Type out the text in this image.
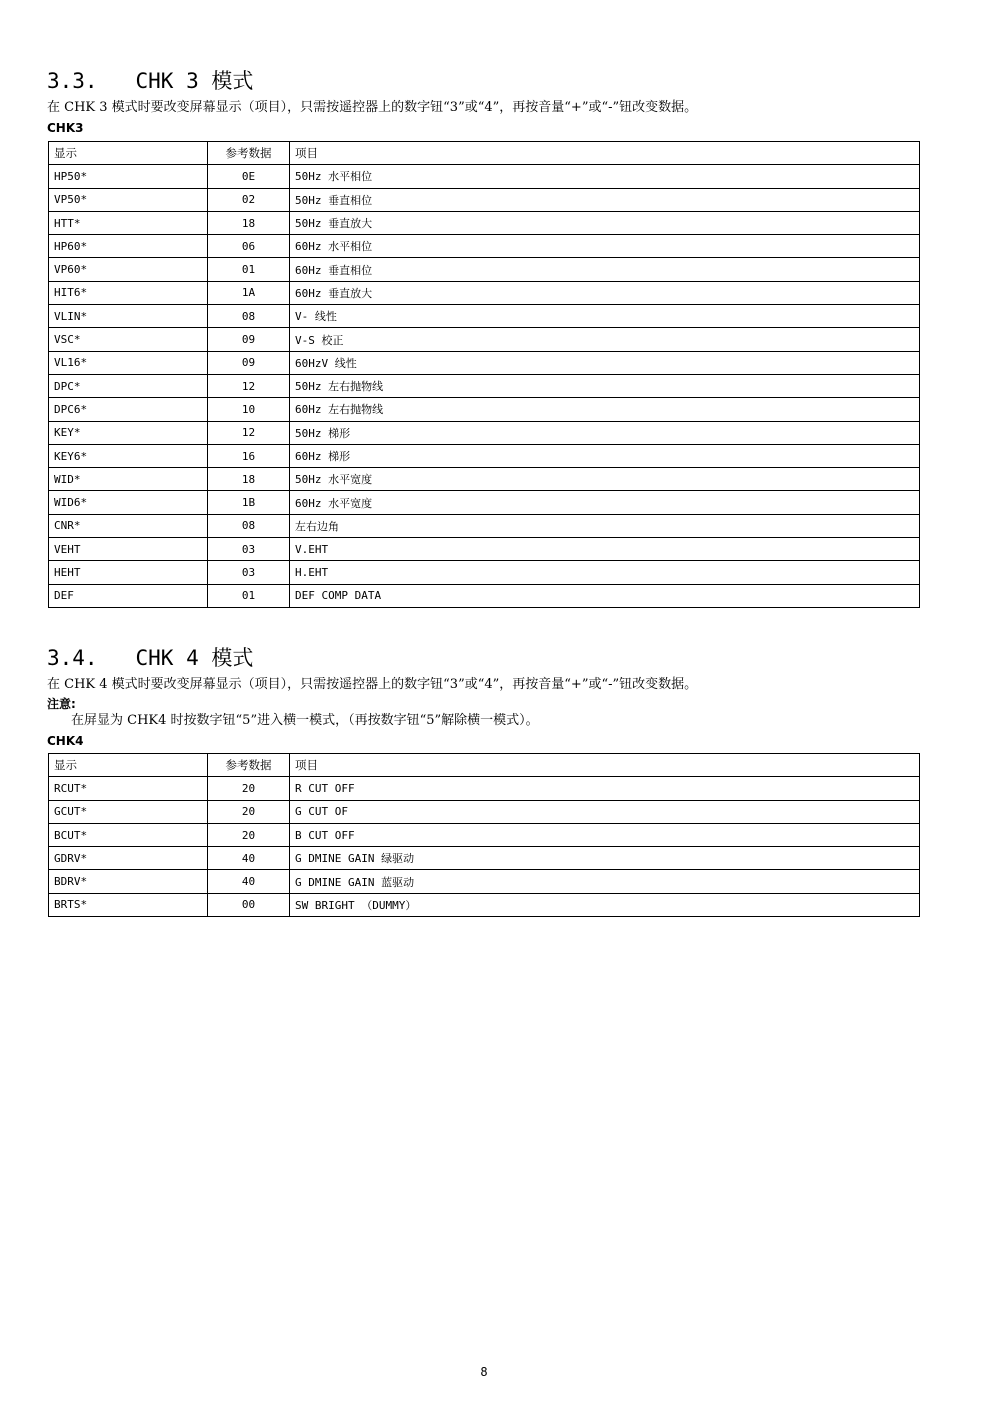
3.3.   CHK 3 模式

在 CHK 3 模式时要改变屏幕显示（项目），只需按遥控器上的数字钮“3”或“4”，再按音量“+”或“-”钮改变数据。

CHK3
显示	参考数据	项目
HP50*	0E	50Hz 水平相位
VP50*	02	50Hz 垂直相位
HTT*	18	50Hz 垂直放大
HP60*	06	60Hz 水平相位
VP60*	01	60Hz 垂直相位
HIT6*	1A	60Hz 垂直放大
VLIN*	08	V- 线性
VSC*	09	V-S 校正
VL16*	09	60HzV 线性
DPC*	12	50Hz 左右抛物线
DPC6*	10	60Hz 左右抛物线
KEY*	12	50Hz 梯形
KEY6*	16	60Hz 梯形
WID*	18	50Hz 水平宽度
WID6*	1B	60Hz 水平宽度
CNR*	08	左右边角
VEHT	03	V.EHT
HEHT	03	H.EHT
DEF	01	DEF COMP DATA
3.4.   CHK 4 模式

在 CHK 4 模式时要改变屏幕显示（项目），只需按遥控器上的数字钮“3”或“4”，再按音量“+”或“-”钮改变数据。

注意:

在屏显为 CHK4 时按数字钮“5”进入横一模式，（再按数字钮“5”解除横一模式）。

CHK4
显示	参考数据	项目
RCUT*	20	R CUT OFF
GCUT*	20	G CUT OF
BCUT*	20	B CUT OFF
GDRV*	40	G DMINE GAIN 绿驱动
BDRV*	40	G DMINE GAIN 蓝驱动
BRTS*	00	SW BRIGHT （DUMMY）
8
